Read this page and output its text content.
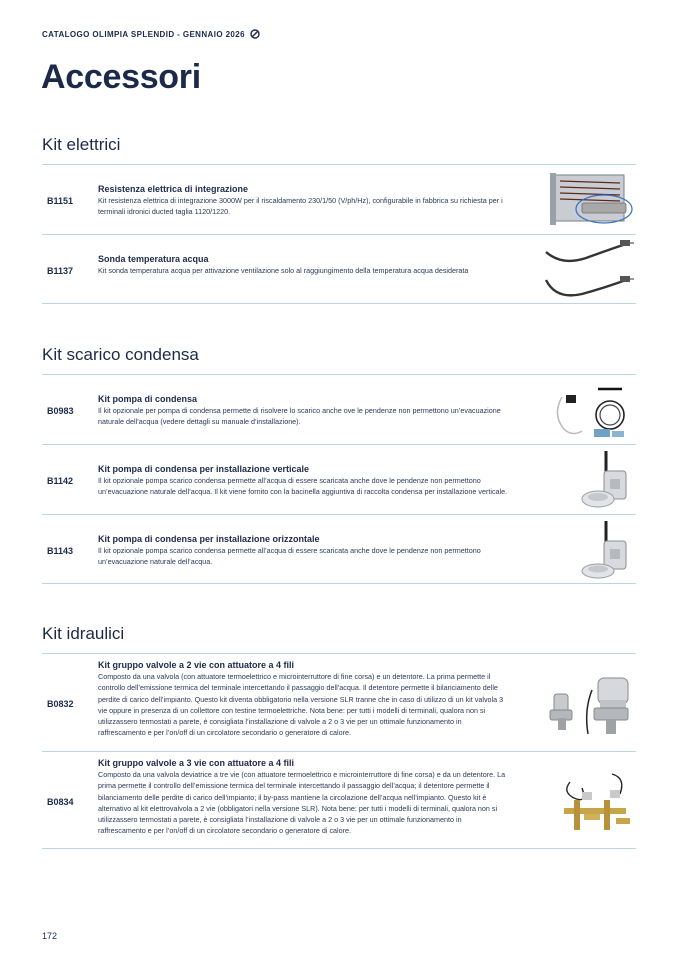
CATALOGO OLIMPIA SPLENDID - GENNAIO 2026
Accessori
Kit elettrici
B1151
Resistenza elettrica di integrazione
Kit resistenza elettrica di integrazione 3000W per il riscaldamento 230/1/50 (V/ph/Hz), configurabile in fabbrica su richiesta per i terminali idronici ducted taglia 1120/1220.
B1137
Sonda temperatura acqua
Kit sonda temperatura acqua per attivazione ventilazione solo al raggiungimento della temperatura acqua desiderata
Kit scarico condensa
B0983
Kit pompa di condensa
Il kit opzionale per pompa di condensa permette di risolvere lo scarico anche ove le pendenze non permettono un’evacuazione naturale dell’acqua (vedere dettagli su manuale d’installazione).
B1142
Kit pompa di condensa per installazione verticale
Il kit opzionale pompa scarico condensa permette all’acqua di essere scaricata anche dove le pendenze non permettono un’evacuazione naturale dell’acqua. Il kit viene fornito con la bacinella aggiuntiva di raccolta condensa per installazione verticale.
B1143
Kit pompa di condensa per installazione orizzontale
Il kit opzionale pompa scarico condensa permette all’acqua di essere scaricata anche dove le pendenze non permettono un’evacuazione naturale dell’acqua.
Kit idraulici
B0832
Kit gruppo valvole a 2 vie con attuatore a 4 fili
Composto da una valvola (con attuatore termoelettrico e microinterruttore di fine corsa) e un detentore. La prima permette il controllo dell’emissione termica del terminale intercettando il passaggio dell’acqua. Il detentore permette il bilanciamento delle perdite di carico dell’impianto. Questo kit diventa obbligatorio nella versione SLR tranne che in caso di utilizzo di un kit valvola 3 vie oppure in presenza di un collettore con testine termoelettriche. Nota bene: per tutti i modelli di terminali, qualora non si utilizzassero termostati a parete, è consigliata l’installazione di valvole a 2 o 3 vie per un ottimale funzionamento in raffrescamento e per l’on/off di un circolatore secondario o generatore di calore.
B0834
Kit gruppo valvole a 3 vie con attuatore a 4 fili
Composto da una valvola deviatrice a tre vie (con attuatore termoelettrico e microinterruttore di fine corsa) e da un detentore. La prima permette il controllo dell’emissione termica del terminale intercettando il passaggio dell’acqua; il detentore permette il bilanciamento delle perdite di carico dell’impianto; il by-pass mantiene la circolazione dell’acqua nell’impianto. Questo kit è alternativo al kit elettrovalvola a 2 vie (obbligatori nella versione SLR). Nota bene: per tutti i modelli di terminali, qualora non si utilizzassero termostati a parete, è consigliata l’installazione di valvole a 2 o 3 vie per un ottimale funzionamento in raffrescamento e per l’on/off di un circolatore secondario o generatore di calore.
172
